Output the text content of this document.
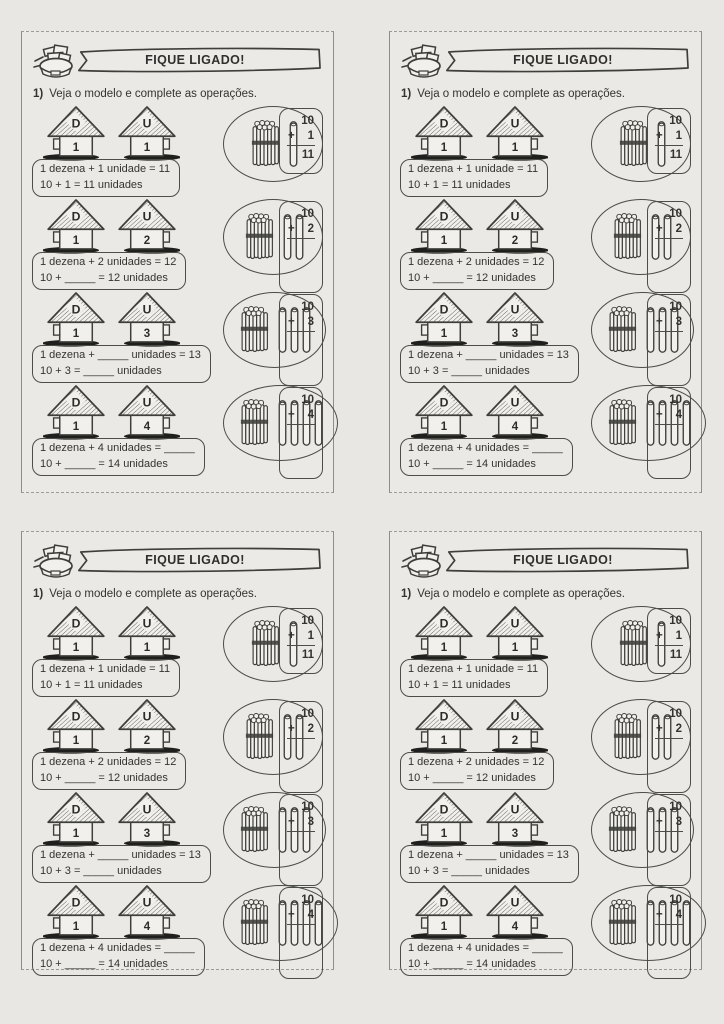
FIQUE LIGADO!
1) Veja o modelo e complete as operações.
D
1
U
1
1 dezena + 1 unidade = 11
10 + 1 = 11 unidades
10
+ 1
11
D
1
U
2
1 dezena + 2 unidades = 12
10 + _____ = 12 unidades
10
+ 2
D
1
U
3
1 dezena + _____ unidades = 13
10 + 3 = _____ unidades
10
+ 3
D
1
U
4
1 dezena + 4 unidades = _____
10 + _____ = 14 unidades
10
+ 4
FIQUE LIGADO!
1) Veja o modelo e complete as operações.
D
1
U
1
1 dezena + 1 unidade = 11
10 + 1 = 11 unidades
10
+ 1
11
D
1
U
2
1 dezena + 2 unidades = 12
10 + _____ = 12 unidades
10
+ 2
D
1
U
3
1 dezena + _____ unidades = 13
10 + 3 = _____ unidades
10
+ 3
D
1
U
4
1 dezena + 4 unidades = _____
10 + _____ = 14 unidades
10
+ 4
FIQUE LIGADO!
1) Veja o modelo e complete as operações.
D
1
U
1
1 dezena + 1 unidade = 11
10 + 1 = 11 unidades
10
+ 1
11
D
1
U
2
1 dezena + 2 unidades = 12
10 + _____ = 12 unidades
10
+ 2
D
1
U
3
1 dezena + _____ unidades = 13
10 + 3 = _____ unidades
10
+ 3
D
1
U
4
1 dezena + 4 unidades = _____
10 + _____ = 14 unidades
10
+ 4
FIQUE LIGADO!
1) Veja o modelo e complete as operações.
D
1
U
1
1 dezena + 1 unidade = 11
10 + 1 = 11 unidades
10
+ 1
11
D
1
U
2
1 dezena + 2 unidades = 12
10 + _____ = 12 unidades
10
+ 2
D
1
U
3
1 dezena + _____ unidades = 13
10 + 3 = _____ unidades
10
+ 3
D
1
U
4
1 dezena + 4 unidades = _____
10 + _____ = 14 unidades
10
+ 4
